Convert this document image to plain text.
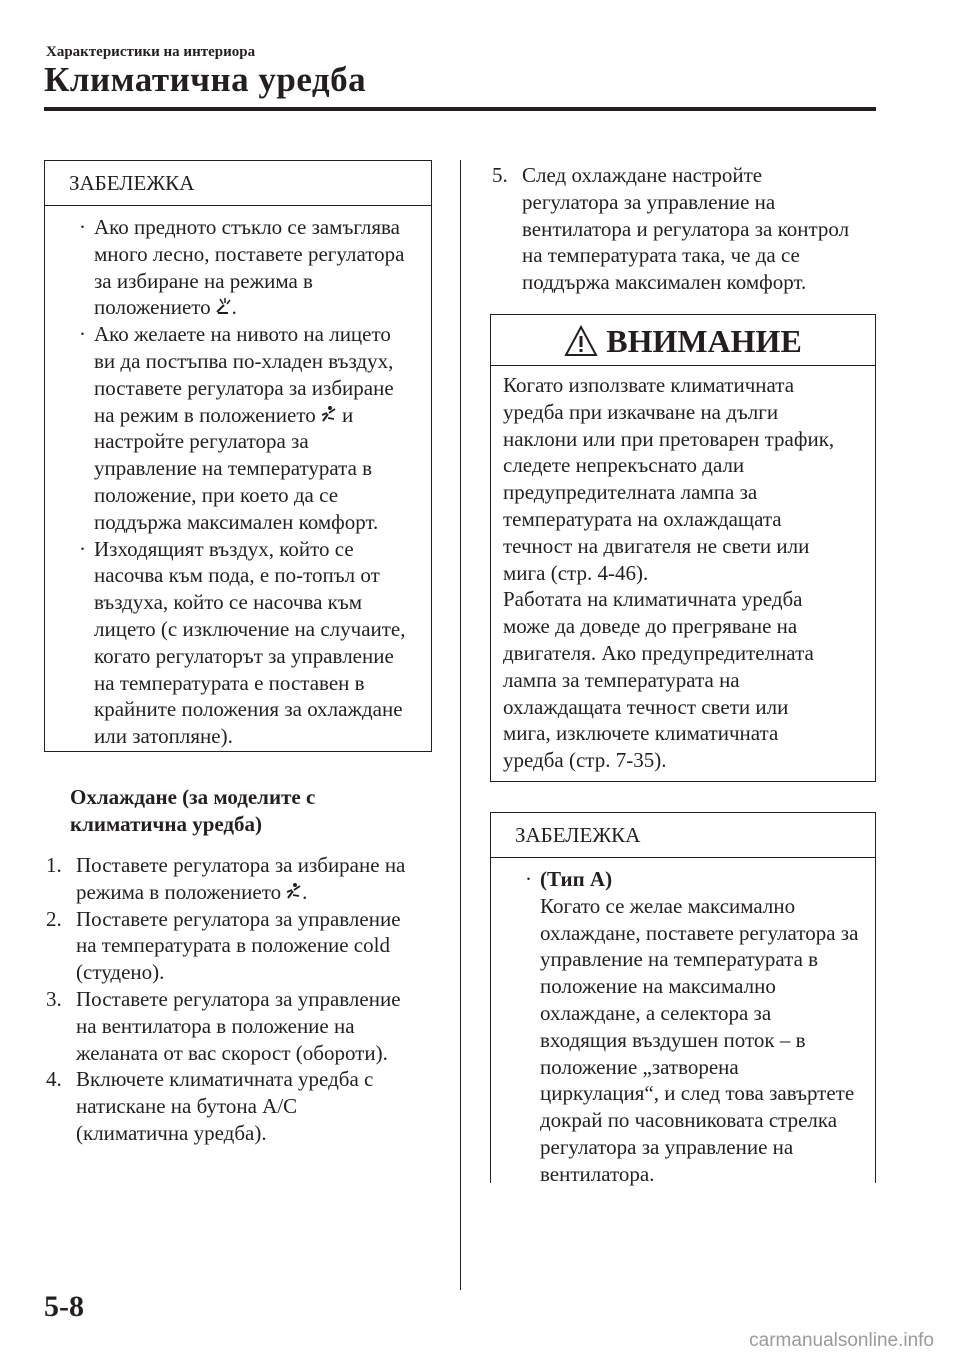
Характеристики на интериора
Климатична уредба
ЗАБЕЛЕЖКА
· Ако предното стъкло се замъглява
много лесно, поставете регулатора
за избиране на режима в
положението .
· Ако желаете на нивото на лицето
ви да постъпва по-хладен въздух,
поставете регулатора за избиране
на режим в положението и
настройте регулатора за
управление на температурата в
положение, при което да се
поддържа максимален комфорт.
· Изходящият въздух, който се
насочва към пода, е по-топъл от
въздуха, който се насочва към
лицето (с изключение на случаите,
когато регулаторът за управление
на температурата е поставен в
крайните положения за охлаждане
или затопляне).
Охлаждане (за моделите с
климатична уредба)
1. Поставете регулатора за избиране на
режима в положението .
2. Поставете регулатора за управление
на температурата в положение cold
(студено).
3. Поставете регулатора за управление
на вентилатора в положение на
желаната от вас скорост (обороти).
4. Включете климатичната уредба с
натискане на бутона A/C
(климатична уредба).
5. След охлаждане настройте
регулатора за управление на
вентилатора и регулатора за контрол
на температурата така, че да се
поддържа максимален комфорт.
ВНИМАНИЕ
Когато използвате климатичната
уредба при изкачване на дълги
наклони или при претоварен трафик,
следете непрекъснато дали
предупредителната лампа за
температурата на охлаждащата
течност на двигателя не свети или
мига (стр. 4-46).
Работата на климатичната уредба
може да доведе до прегряване на
двигателя. Ако предупредителната
лампа за температурата на
охлаждащата течност свети или
мига, изключете климатичната
уредба (стр. 7-35).
ЗАБЕЛЕЖКА
· (Тип A)
Когато се желае максимално
охлаждане, поставете регулатора за
управление на температурата в
положение на максимално
охлаждане, а селектора за
входящия въздушен поток – в
положение „затворена
циркулация“, и след това завъртете
докрай по часовниковата стрелка
регулатора за управление на
вентилатора.
5-8
carmanualsonline.info
